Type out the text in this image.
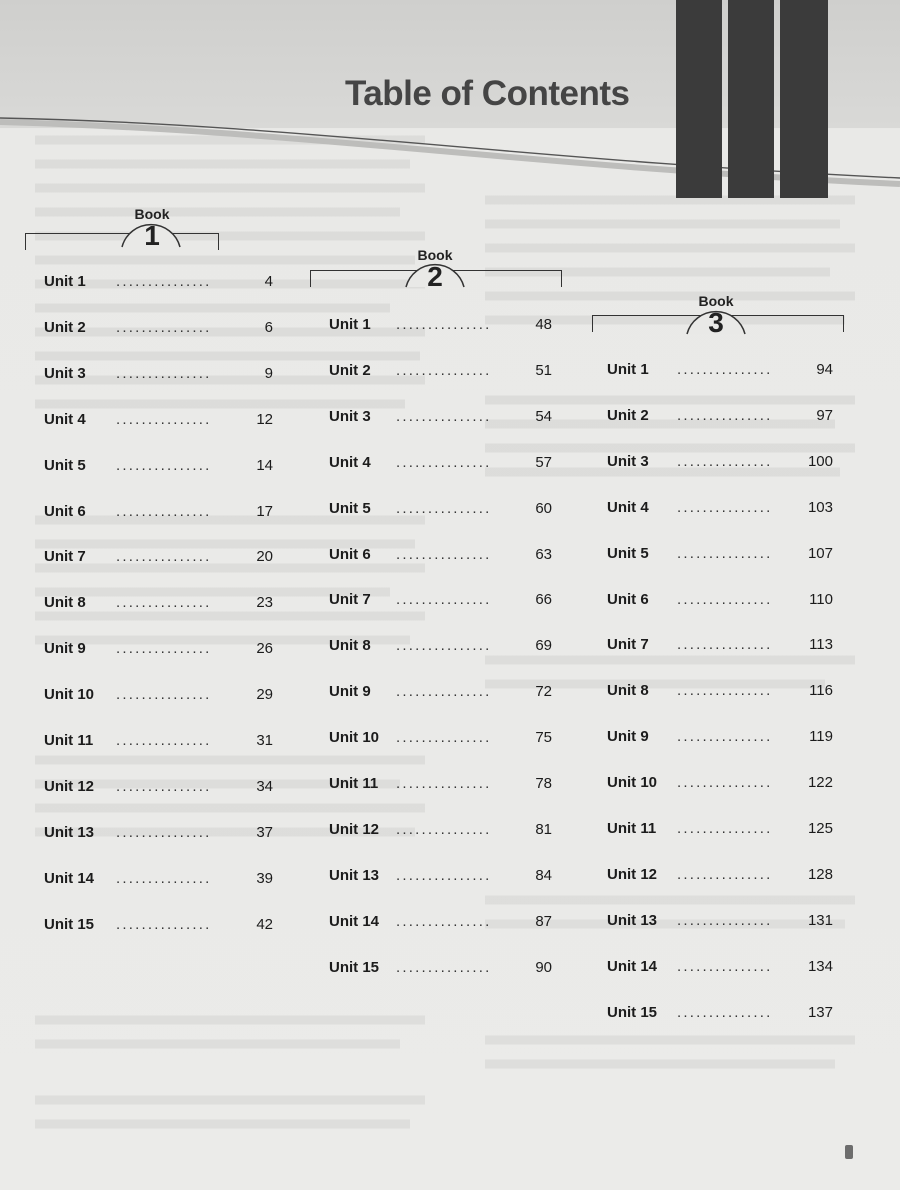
Table of Contents
Book
1
Book
2
Book
3
Unit 1 ...............	4
Unit 2 ...............	6
Unit 3 ...............	9
Unit 4 ...............	12
Unit 5 ...............	14
Unit 6 ...............	17
Unit 7 ...............	20
Unit 8 ...............	23
Unit 9 ...............	26
Unit 10 ...............	29
Unit 11 ...............	31
Unit 12 ...............	34
Unit 13 ...............	37
Unit 14 ...............	39
Unit 15 ...............	42
Unit 1 ...............	48
Unit 2 ...............	51
Unit 3 ...............	54
Unit 4 ...............	57
Unit 5 ...............	60
Unit 6 ...............	63
Unit 7 ...............	66
Unit 8 ...............	69
Unit 9 ...............	72
Unit 10 ...............	75
Unit 11 ...............	78
Unit 12 ...............	81
Unit 13 ...............	84
Unit 14 ...............	87
Unit 15 ...............	90
Unit 1 ...............	94
Unit 2 ...............	97
Unit 3 ............... 100
Unit 4 ............... 103
Unit 5 ............... 107
Unit 6 ............... 110
Unit 7 ............... 113
Unit 8 ............... 116
Unit 9 ............... 119
Unit 10 ............... 122
Unit 11 ............... 125
Unit 12 ............... 128
Unit 13 ............... 131
Unit 14 ............... 134
Unit 15 ............... 137
